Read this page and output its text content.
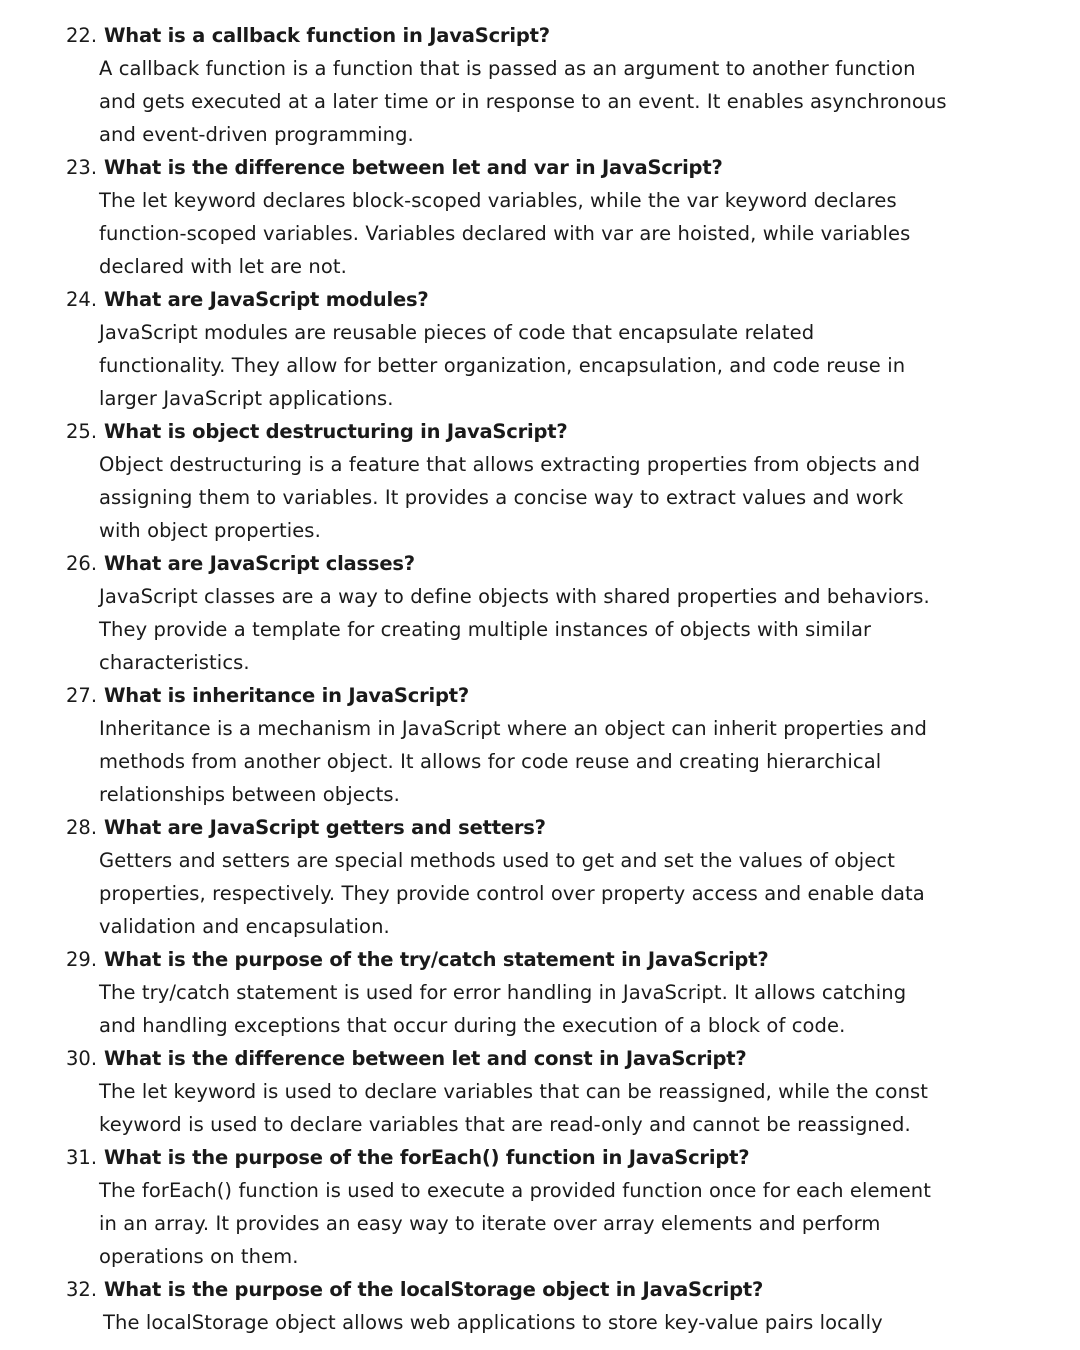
22. What is a callback function in JavaScript?
A callback function is a function that is passed as an argument to another function
and gets executed at a later time or in response to an event. It enables asynchronous
and event-driven programming.
23. What is the difference between let and var in JavaScript?
The let keyword declares block-scoped variables, while the var keyword declares
function-scoped variables. Variables declared with var are hoisted, while variables
declared with let are not.
24. What are JavaScript modules?
JavaScript modules are reusable pieces of code that encapsulate related
functionality. They allow for better organization, encapsulation, and code reuse in
larger JavaScript applications.
25. What is object destructuring in JavaScript?
Object destructuring is a feature that allows extracting properties from objects and
assigning them to variables. It provides a concise way to extract values and work
with object properties.
26. What are JavaScript classes?
JavaScript classes are a way to define objects with shared properties and behaviors.
They provide a template for creating multiple instances of objects with similar
characteristics.
27. What is inheritance in JavaScript?
Inheritance is a mechanism in JavaScript where an object can inherit properties and
methods from another object. It allows for code reuse and creating hierarchical
relationships between objects.
28. What are JavaScript getters and setters?
Getters and setters are special methods used to get and set the values of object
properties, respectively. They provide control over property access and enable data
validation and encapsulation.
29. What is the purpose of the try/catch statement in JavaScript?
The try/catch statement is used for error handling in JavaScript. It allows catching
and handling exceptions that occur during the execution of a block of code.
30. What is the difference between let and const in JavaScript?
The let keyword is used to declare variables that can be reassigned, while the const
keyword is used to declare variables that are read-only and cannot be reassigned.
31. What is the purpose of the forEach() function in JavaScript?
The forEach() function is used to execute a provided function once for each element
in an array. It provides an easy way to iterate over array elements and perform
operations on them.
32. What is the purpose of the localStorage object in JavaScript?
The localStorage object allows web applications to store key-value pairs locally
